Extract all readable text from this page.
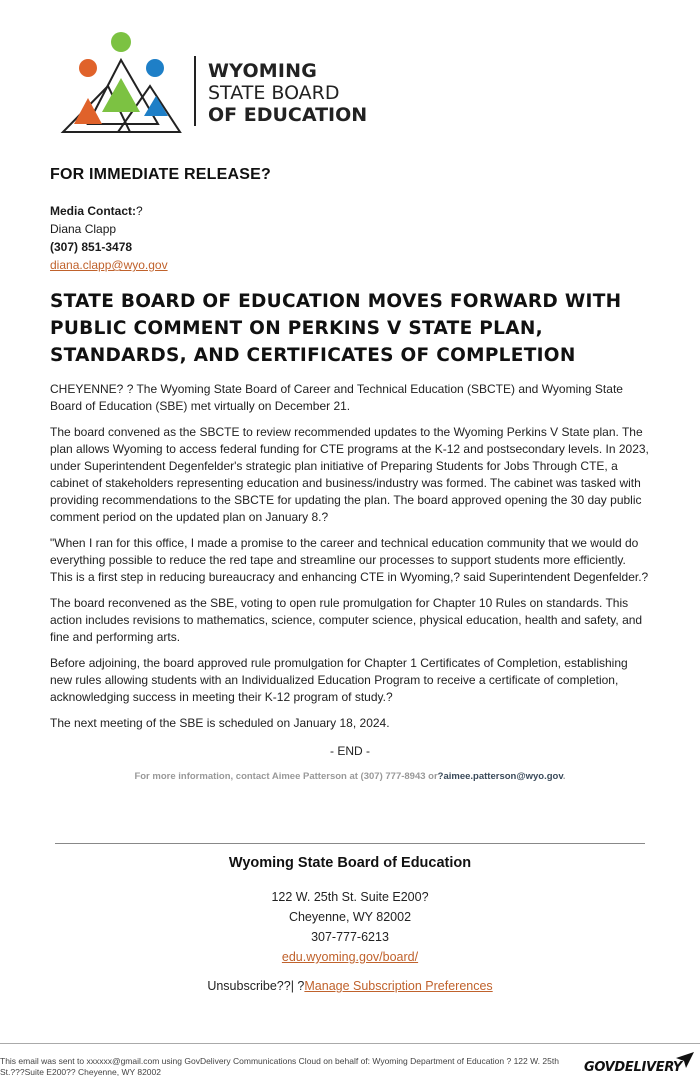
WYOMING
STATE BOARD
OF EDUCATION

FOR IMMEDIATE RELEASE?

Media Contact:?
Diana Clapp
(307) 851-3478
diana.clapp@wyo.gov
STATE BOARD OF EDUCATION MOVES FORWARD WITH PUBLIC COMMENT ON PERKINS V STATE PLAN, STANDARDS, AND CERTIFICATES OF COMPLETION

CHEYENNE? ? The Wyoming State Board of Career and Technical Education (SBCTE) and Wyoming State Board of Education (SBE) met virtually on December 21.

The board convened as the SBCTE to review recommended updates to the Wyoming Perkins V State plan. The plan allows Wyoming to access federal funding for CTE programs at the K-12 and postsecondary levels. In 2023, under Superintendent Degenfelder's strategic plan initiative of Preparing Students for Jobs Through CTE, a cabinet of stakeholders representing education and business/industry was formed. The cabinet was tasked with providing recommendations to the SBCTE for updating the plan. The board approved opening the 30 day public comment period on the updated plan on January 8.?

"When I ran for this office, I made a promise to the career and technical education community that we would do everything possible to reduce the red tape and streamline our processes to support students more efficiently. This is a first step in reducing bureaucracy and enhancing CTE in Wyoming,? said Superintendent Degenfelder.?

The board reconvened as the SBE, voting to open rule promulgation for Chapter 10 Rules on standards. This action includes revisions to mathematics, science, computer science, physical education, health and safety, and fine and performing arts.

Before adjoining, the board approved rule promulgation for Chapter 1 Certificates of Completion, establishing new rules allowing students with an Individualized Education Program to receive a certificate of completion, acknowledging success in meeting their K-12 program of study.?

The next meeting of the SBE is scheduled on January 18, 2024.

- END -
For more information, contact Aimee Patterson at (307) 777-8943 or?aimee.patterson@wyo.gov.
Wyoming State Board of Education
122 W. 25th St. Suite E200?
Cheyenne, WY 82002
307-777-6213
edu.wyoming.gov/board/
Unsubscribe??| ?Manage Subscription Preferences
This email was sent to xxxxxx@gmail.com using GovDelivery Communications Cloud on behalf of: Wyoming Department of Education ? 122 W. 25th St.???Suite E200?? Cheyenne, WY 82002	GOVDELIVERY
